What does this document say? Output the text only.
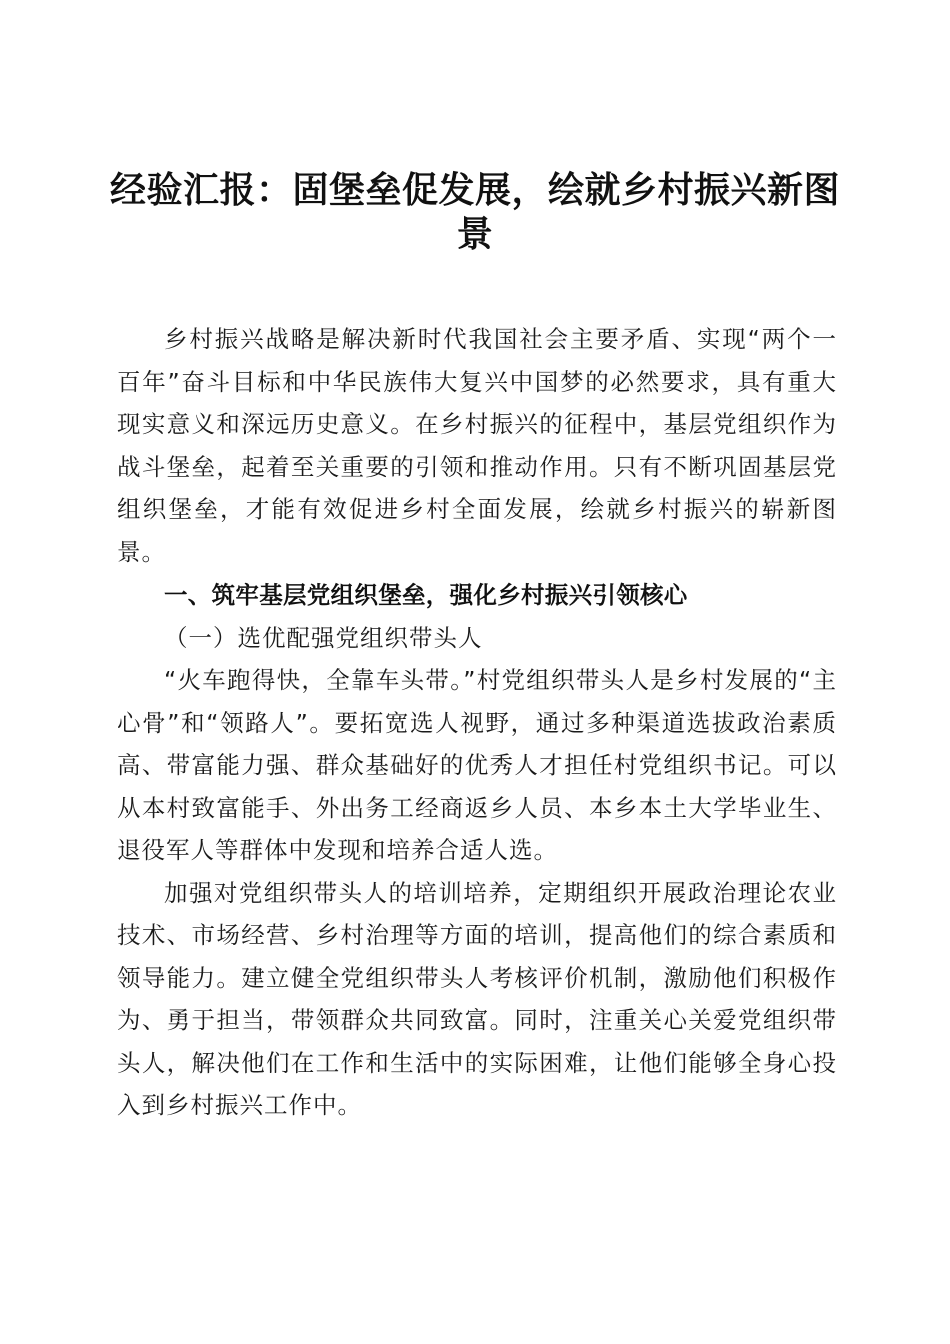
经验汇报：固堡垒促发展，绘就乡村振兴新图景

乡村振兴战略是解决新时代我国社会主要矛盾、实现“两个一百年”奋斗目标和中华民族伟大复兴中国梦的必然要求，具有重大现实意义和深远历史意义。在乡村振兴的征程中，基层党组织作为战斗堡垒，起着至关重要的引领和推动作用。只有不断巩固基层党组织堡垒，才能有效促进乡村全面发展，绘就乡村振兴的崭新图景。

一、筑牢基层党组织堡垒，强化乡村振兴引领核心
（一）选优配强党组织带头人

“火车跑得快，全靠车头带。”村党组织带头人是乡村发展的“主心骨”和“领路人”。要拓宽选人视野，通过多种渠道选拔政治素质高、带富能力强、群众基础好的优秀人才担任村党组织书记。可以从本村致富能手、外出务工经商返乡人员、本乡本土大学毕业生、退役军人等群体中发现和培养合适人选。

加强对党组织带头人的培训培养，定期组织开展政治理论农业技术、市场经营、乡村治理等方面的培训，提高他们的综合素质和领导能力。建立健全党组织带头人考核评价机制，激励他们积极作为、勇于担当，带领群众共同致富。同时，注重关心关爱党组织带头人，解决他们在工作和生活中的实际困难，让他们能够全身心投入到乡村振兴工作中。
